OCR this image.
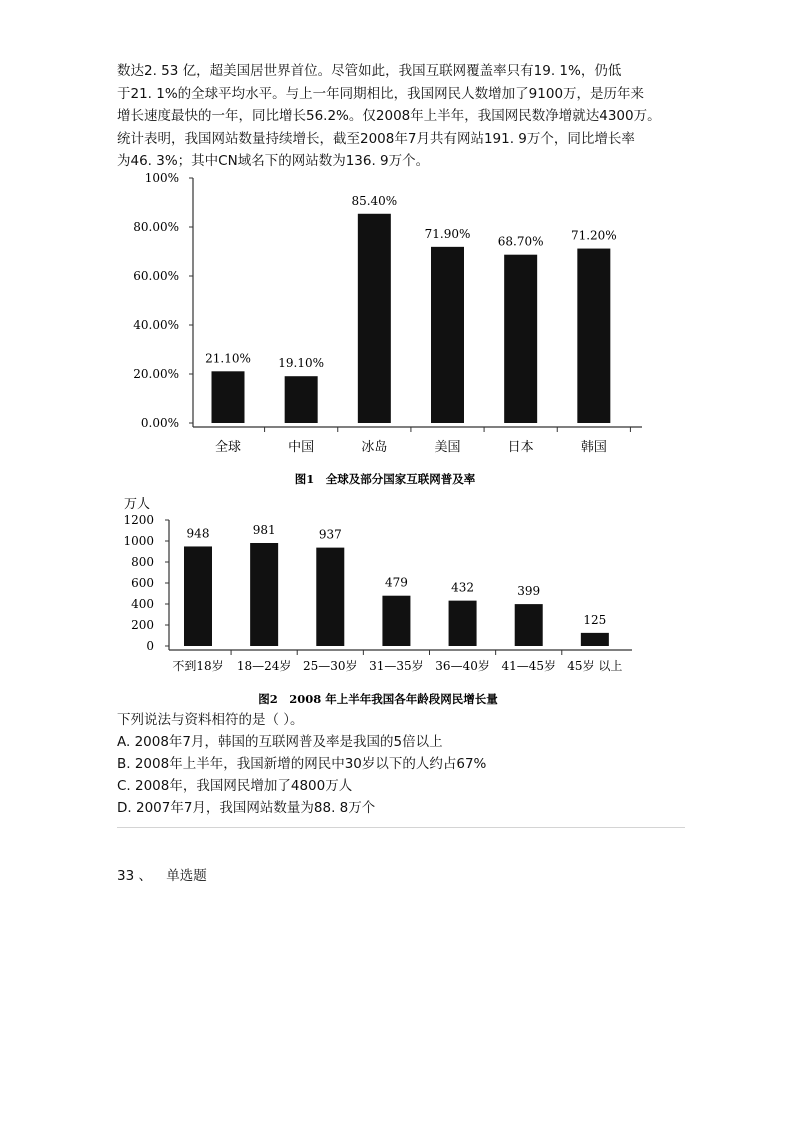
数达2. 53 亿，超美国居世界首位。尽管如此，我国互联网覆盖率只有19. 1%，仍低
于21. 1%的全球平均水平。与上一年同期相比，我国网民人数增加了9100万，是历年来
增长速度最快的一年，同比增长56.2%。仅2008年上半年，我国网民数净增就达4300万。
统计表明，我国网站数量持续增长，截至2008年7月共有网站191. 9万个，同比增长率
为46. 3%；其中CN域名下的网站数为136. 9万个。
100%
80.00%
60.00%
40.00%
20.00%
0.00%
21.10%
全球
19.10%
中国
85.40%
冰岛
71.90%
美国
68.70%
日本
71.20%
韩国
图1　全球及部分国家互联网普及率
万人
1200
1000
800
600
400
200
0
948
不到18岁
981
18—24岁
937
25—30岁
479
31—35岁
432
36—40岁
399
41—45岁
125
45岁 以上
图2　2008 年上半年我国各年龄段网民增长量
下列说法与资料相符的是（ ）。
A. 2008年7月，韩国的互联网普及率是我国的5倍以上
B. 2008年上半年，我国新增的网民中30岁以下的人约占67%
C. 2008年，我国网民增加了4800万人
D. 2007年7月，我国网站数量为88. 8万个
33 、 单选题
